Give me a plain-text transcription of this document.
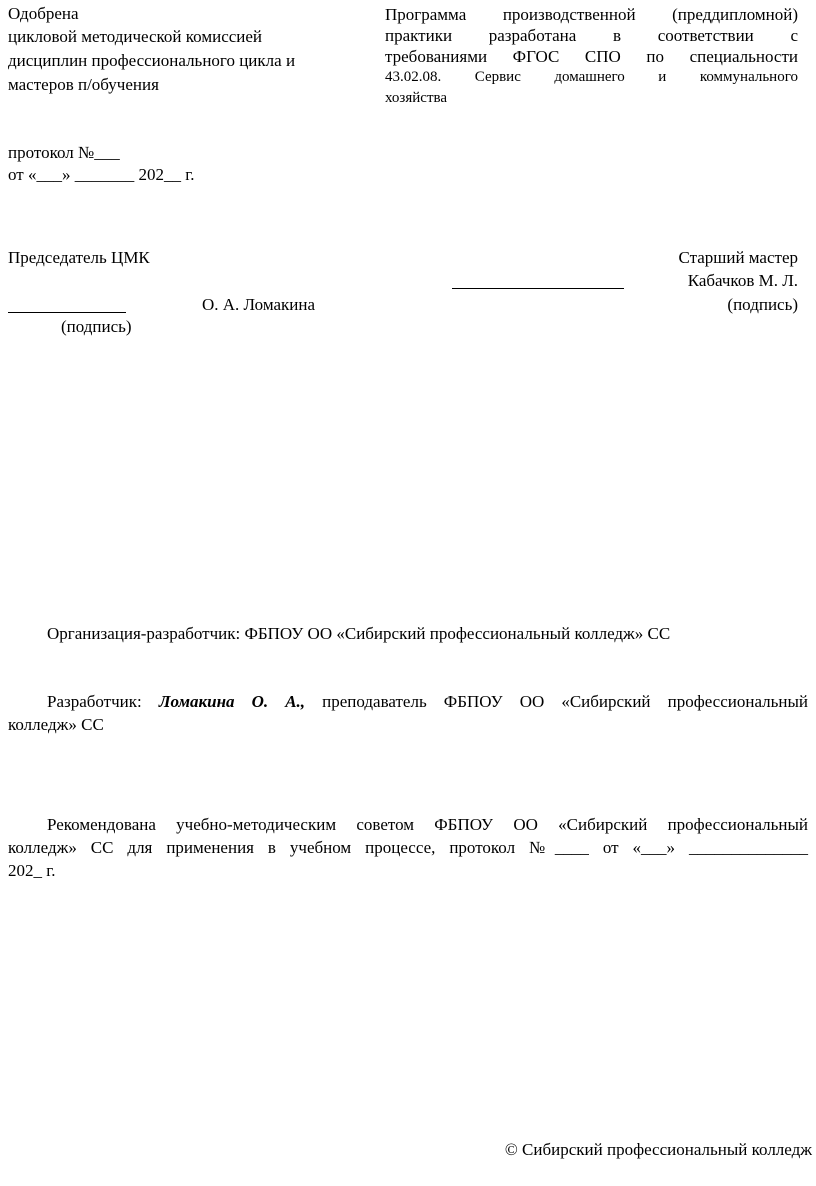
Одобрена
цикловой методической комиссией
дисциплин профессионального цикла и
мастеров п/обучения
Программа производственной (преддипломной)
практики разработана в соответствии с
требованиями ФГОС СПО по специальности
43.02.08. Сервис домашнего и коммунального
хозяйства
протокол №___
от «___» _______ 202__ г.
Председатель ЦМК
О. А. Ломакина
(подпись)
Старший мастер
Кабачков М. Л.
(подпись)
Организация-разработчик: ФБПОУ ОО «Сибирский профессиональный колледж» СС
Разработчик: Ломакина О. А., преподаватель ФБПОУ ОО «Сибирский профессиональный
колледж» СС
Рекомендована учебно-методическим советом ФБПОУ ОО «Сибирский профессиональный
колледж» СС для применения в учебном процессе, протокол №____ от «___» ______________
202_ г.
© Сибирский профессиональный колледж
